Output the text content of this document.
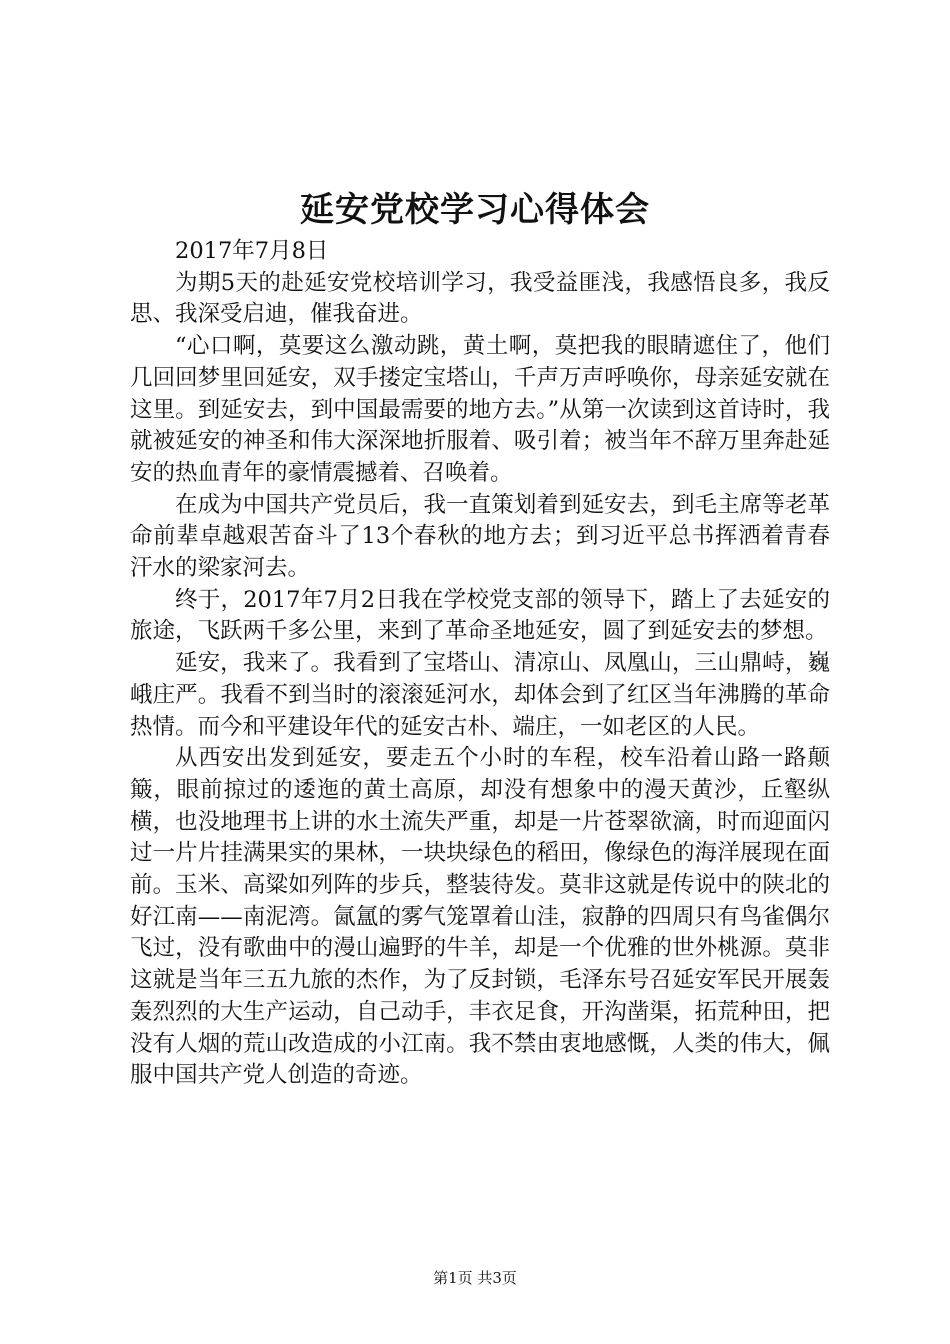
延安党校学习心得体会

2017年7月8日

为期5天的赴延安党校培训学习，我受益匪浅，我感悟良多，我反思、我深受启迪，催我奋进。

“心口啊，莫要这么激动跳，黄土啊，莫把我的眼睛遮住了，他们几回回梦里回延安，双手搂定宝塔山，千声万声呼唤你，母亲延安就在这里。到延安去，到中国最需要的地方去。”从第一次读到这首诗时，我就被延安的神圣和伟大深深地折服着、吸引着；被当年不辞万里奔赴延安的热血青年的豪情震撼着、召唤着。

在成为中国共产党员后，我一直策划着到延安去，到毛主席等老革命前辈卓越艰苦奋斗了13个春秋的地方去；到习近平总书挥洒着青春汗水的梁家河去。

终于，2017年7月2日我在学校党支部的领导下，踏上了去延安的旅途，飞跃两千多公里，来到了革命圣地延安，圆了到延安去的梦想。

延安，我来了。我看到了宝塔山、清凉山、凤凰山，三山鼎峙，巍峨庄严。我看不到当时的滚滚延河水，却体会到了红区当年沸腾的革命热情。而今和平建设年代的延安古朴、端庄，一如老区的人民。

从西安出发到延安，要走五个小时的车程，校车沿着山路一路颠簸，眼前掠过的逶迤的黄土高原，却没有想象中的漫天黄沙，丘壑纵横，也没地理书上讲的水土流失严重，却是一片苍翠欲滴，时而迎面闪过一片片挂满果实的果林，一块块绿色的稻田，像绿色的海洋展现在面前。玉米、高粱如列阵的步兵，整装待发。莫非这就是传说中的陕北的好江南——南泥湾。氤氲的雾气笼罩着山洼，寂静的四周只有鸟雀偶尔飞过，没有歌曲中的漫山遍野的牛羊，却是一个优雅的世外桃源。莫非这就是当年三五九旅的杰作，为了反封锁，毛泽东号召延安军民开展轰轰烈烈的大生产运动，自己动手，丰衣足食，开沟凿渠，拓荒种田，把没有人烟的荒山改造成的小江南。我不禁由衷地感慨，人类的伟大，佩服中国共产党人创造的奇迹。

第1页 共3页
